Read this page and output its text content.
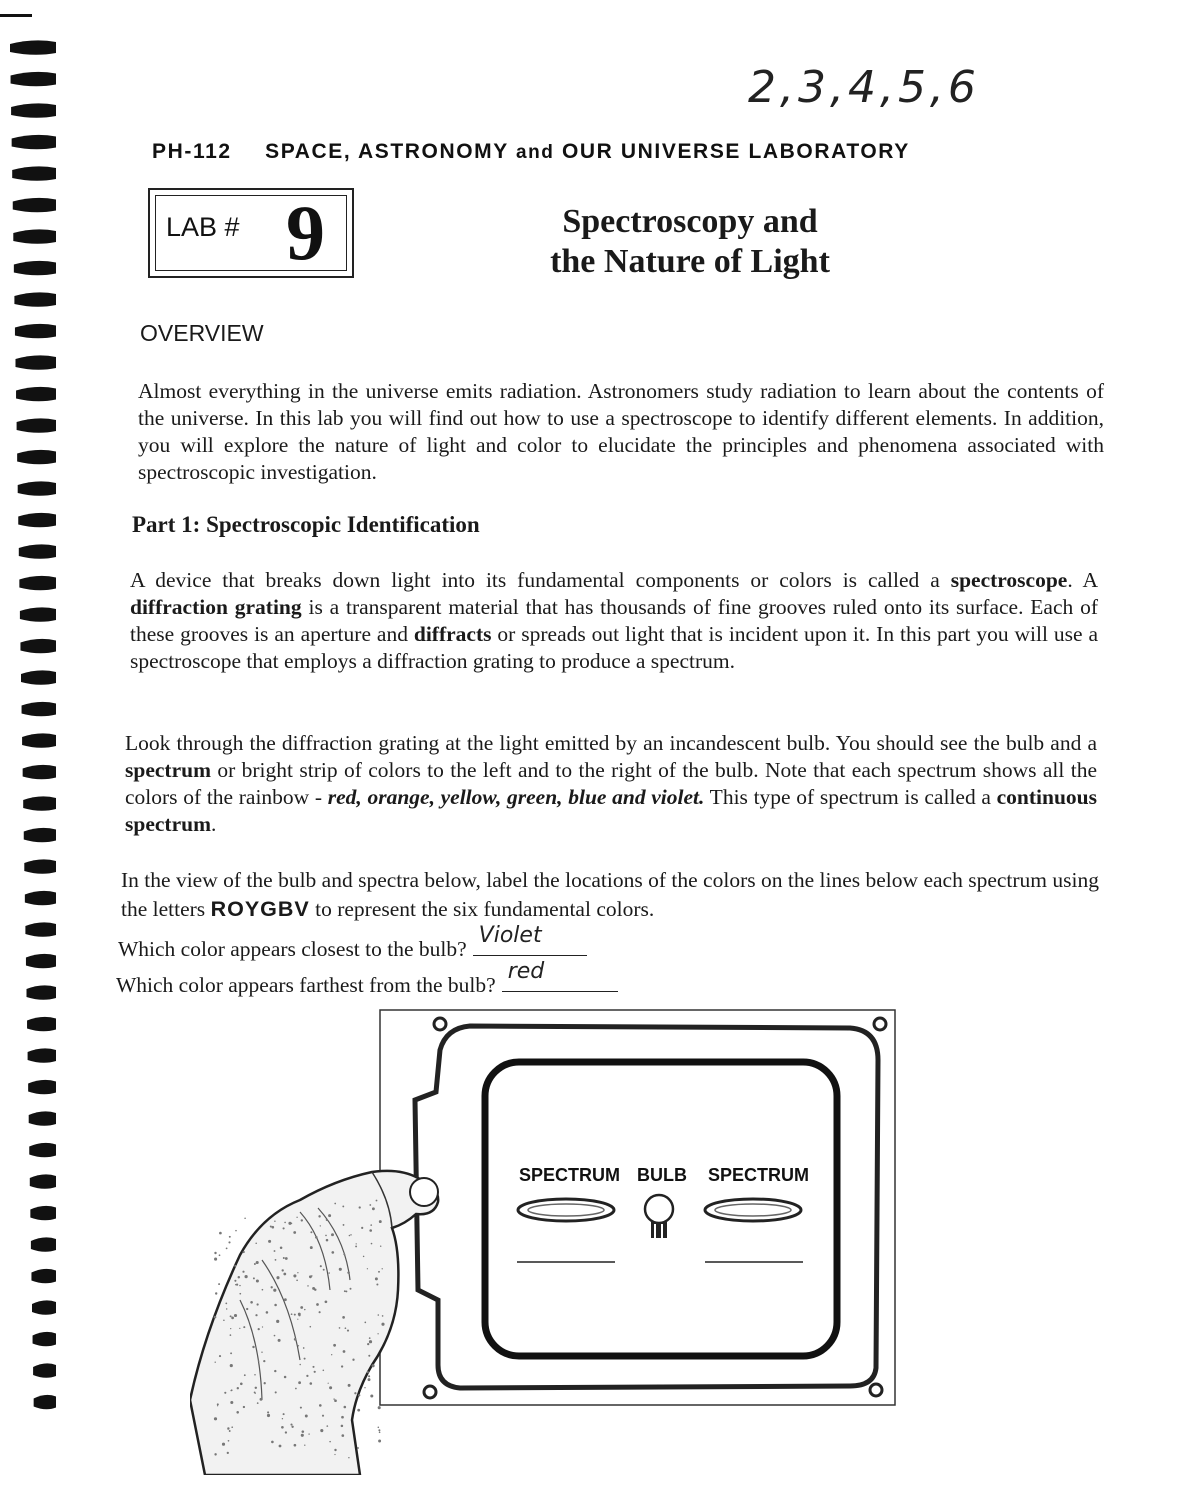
2,3,4,5,6
PH-112 SPACE, ASTRONOMY and OUR UNIVERSE LABORATORY
LAB # 9	Spectroscopy and
the Nature of Light
OVERVIEW

Almost everything in the universe emits radiation. Astronomers study radiation to learn about the contents of the universe. In this lab you will find out how to use a spectroscope to identify different elements. In addition, you will explore the nature of light and color to elucidate the principles and phenomena associated with spectroscopic investigation.

Part 1: Spectroscopic Identification

A device that breaks down light into its fundamental components or colors is called a spectroscope. A diffraction grating is a transparent material that has thousands of fine grooves ruled onto its surface. Each of these grooves is an aperture and diffracts or spreads out light that is incident upon it. In this part you will use a spectroscope that employs a diffraction grating to produce a spectrum.

Look through the diffraction grating at the light emitted by an incandescent bulb. You should see the bulb and a spectrum or bright strip of colors to the left and to the right of the bulb. Note that each spectrum shows all the colors of the rainbow - red, orange, yellow, green, blue and violet. This type of spectrum is called a continuous spectrum.

In the view of the bulb and spectra below, label the locations of the colors on the lines below each spectrum using the letters ROYGBV to represent the six fundamental colors.

Which color appears closest to the bulb?
Violet
Which color appears farthest from the bulb?
red
SPECTRUM BULB SPECTRUM
